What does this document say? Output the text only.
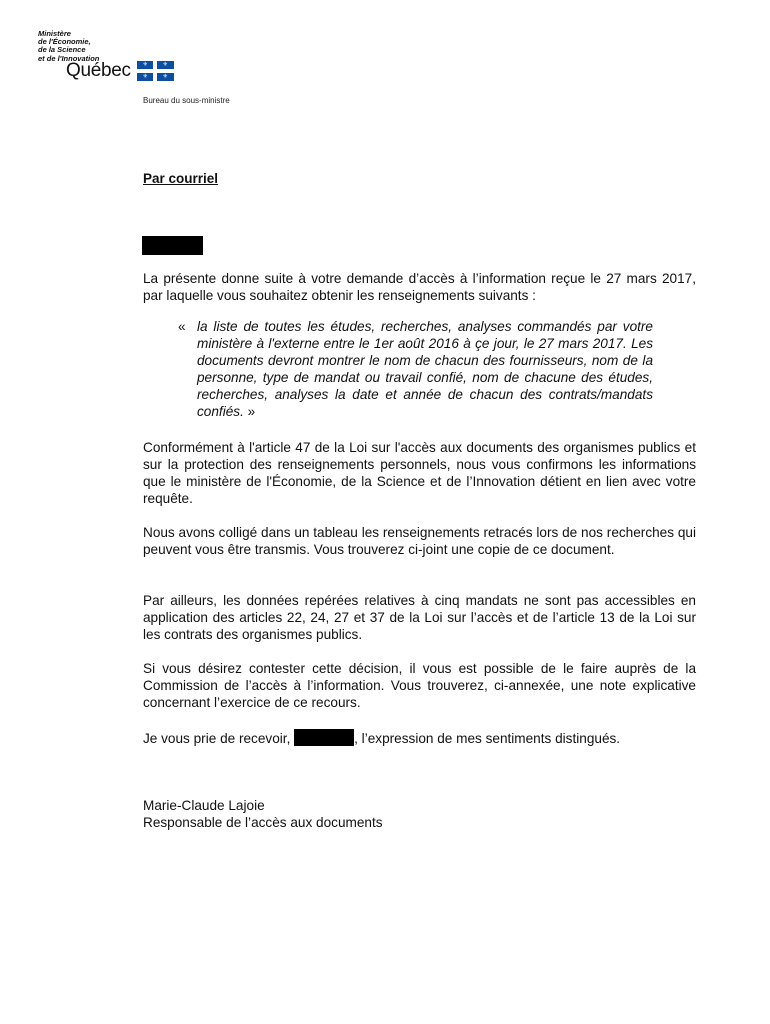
Ministère
de l'Économie,
de la Science
et de l'Innovation
Québec ⚜ ⚜
⚜ ⚜
Bureau du sous-ministre
Par courriel

La présente donne suite à votre demande d’accès à l’information reçue le 27 mars 2017, par laquelle vous souhaitez obtenir les renseignements suivants :

« la liste de toutes les études, recherches, analyses commandés par votre ministère à l'externe entre le 1er août 2016 à çe jour, le 27 mars 2017. Les documents devront montrer le nom de chacun des fournisseurs, nom de la personne, type de mandat ou travail confié, nom de chacune des études, recherches, analyses la date et année de chacun des contrats/mandats confiés. »

Conformément à l'article 47 de la Loi sur l'accès aux documents des organismes publics et sur la protection des renseignements personnels, nous vous confirmons les informations que le ministère de l'Économie, de la Science et de l’Innovation détient en lien avec votre requête.

Nous avons colligé dans un tableau les renseignements retracés lors de nos recherches qui peuvent vous être transmis. Vous trouverez ci-joint une copie de ce document.

Par ailleurs, les données repérées relatives à cinq mandats ne sont pas accessibles en application des articles 22, 24, 27 et 37 de la Loi sur l’accès et de l’article 13 de la Loi sur les contrats des organismes publics.

Si vous désirez contester cette décision, il vous est possible de le faire auprès de la Commission de l’accès à l’information. Vous trouverez, ci-annexée, une note explicative concernant l’exercice de ce recours.

Je vous prie de recevoir,	, l’expression de mes sentiments distingués.

Marie-Claude Lajoie
Responsable de l’accès aux documents
